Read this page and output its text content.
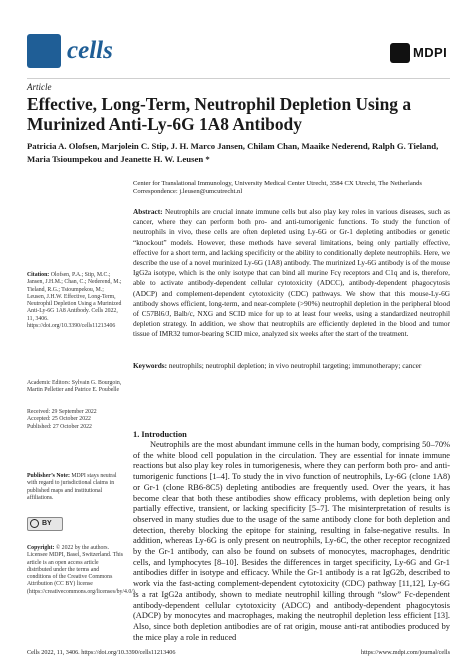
cells	MDPI
Article
Effective, Long-Term, Neutrophil Depletion Using a Murinized Anti-Ly-6G 1A8 Antibody
Patricia A. Olofsen, Marjolein C. Stip, J. H. Marco Jansen, Chilam Chan, Maaike Nederend, Ralph G. Tieland, Maria Tsioumpekou and Jeanette H. W. Leusen *
Citation: Olofsen, P.A.; Stip, M.C.; Jansen, J.H.M.; Chan, C.; Nederend, M.; Tieland, R.G.; Tsioumpekou, M.; Leusen, J.H.W. Effective, Long-Term, Neutrophil Depletion Using a Murinized Anti-Ly-6G 1A8 Antibody. Cells 2022, 11, 3406. https://doi.org/10.3390/cells11213406
Academic Editors: Sylvain G. Bourgoin, Martin Pelletier and Patrice E. Poubelle
Received: 29 September 2022
Accepted: 25 October 2022
Published: 27 October 2022
Publisher’s Note: MDPI stays neutral with regard to jurisdictional claims in published maps and institutional affiliations.
BY
Copyright: © 2022 by the authors. Licensee MDPI, Basel, Switzerland. This article is an open access article distributed under the terms and conditions of the Creative Commons Attribution (CC BY) license (https://creativecommons.org/licenses/by/4.0/).
Center for Translational Immunology, University Medical Center Utrecht, 3584 CX Utrecht, The Netherlands
Correspondence: j.leusen@umcutrecht.nl
Abstract: Neutrophils are crucial innate immune cells but also play key roles in various diseases, such as cancer, where they can perform both pro- and anti-tumorigenic functions. To study the function of neutrophils in vivo, these cells are often depleted using Ly-6G or Gr-1 depleting antibodies or genetic “knockout” models. However, these methods have several limitations, being only partially effective, effective for a short term, and lacking specificity or the ability to conditionally deplete neutrophils. Here, we describe the use of a novel murinized Ly-6G (1A8) antibody. The murinized Ly-6G antibody is of the mouse IgG2a isotype, which is the only isotype that can bind all murine Fcγ receptors and C1q and is, therefore, able to activate antibody-dependent cellular cytotoxicity (ADCC), antibody-dependent phagocytosis (ADCP) and complement-dependent cytotoxicity (CDC) pathways. We show that this mouse-Ly-6G antibody shows efficient, long-term, and near-complete (>90%) neutrophil depletion in the peripheral blood of C57Bl6/J, Balb/c, NXG and SCID mice for up to at least four weeks, using a standardized neutrophil depletion strategy. In addition, we show that neutrophils are efficiently depleted in the blood and tumor tissue of IMR32 tumor-bearing SCID mice, analyzed six weeks after the start of the treatment.
Keywords: neutrophils; neutrophil depletion; in vivo neutrophil targeting; immunotherapy; cancer
1. Introduction
Neutrophils are the most abundant immune cells in the human body, comprising 50–70% of the white blood cell population in the circulation. They are essential for innate immune reactions but also play key roles in tumorigenesis, where they can perform both pro- and anti-tumorigenic functions [1–4]. To study the in vivo function of neutrophils, Ly-6G (clone 1A8) or Gr-1 (clone RB6-8C5) depleting antibodies are frequently used. Over the years, it has become clear that both these antibodies show efficacy problems, with depletion being only partially effective, transient, or lacking specificity [5–7]. The misinterpretation of results is observed in many studies due to the usage of the same antibody clone for both depletion and detection, thereby blocking the epitope for staining, resulting in false-negative results. In addition, whereas Ly-6G is only present on neutrophils, Ly-6C, the other receptor recognized by the Gr-1 antibody, can also be found on subsets of monocytes, macrophages, dendritic cells, and lymphocytes [8–10]. Besides the differences in target specificity, Ly-6G and Gr-1 antibodies differ in isotype and efficacy. While the Gr-1 antibody is a rat IgG2b, described to work via the fast-acting complement-dependent cytotoxicity (CDC) pathway [11,12], Ly-6G is a rat IgG2a antibody, shown to mediate neutrophil killing through “slow” Fc-dependent antibody-dependent cellular cytotoxicity (ADCC) and antibody-dependent phagocytosis (ADCP) by monocytes and macrophages, making the neutrophil depletion less efficient [13]. Also, since both depletion antibodies are of rat origin, mouse anti-rat antibodies produced by the mice play a role in reduced
Cells 2022, 11, 3406. https://doi.org/10.3390/cells11213406	https://www.mdpi.com/journal/cells
